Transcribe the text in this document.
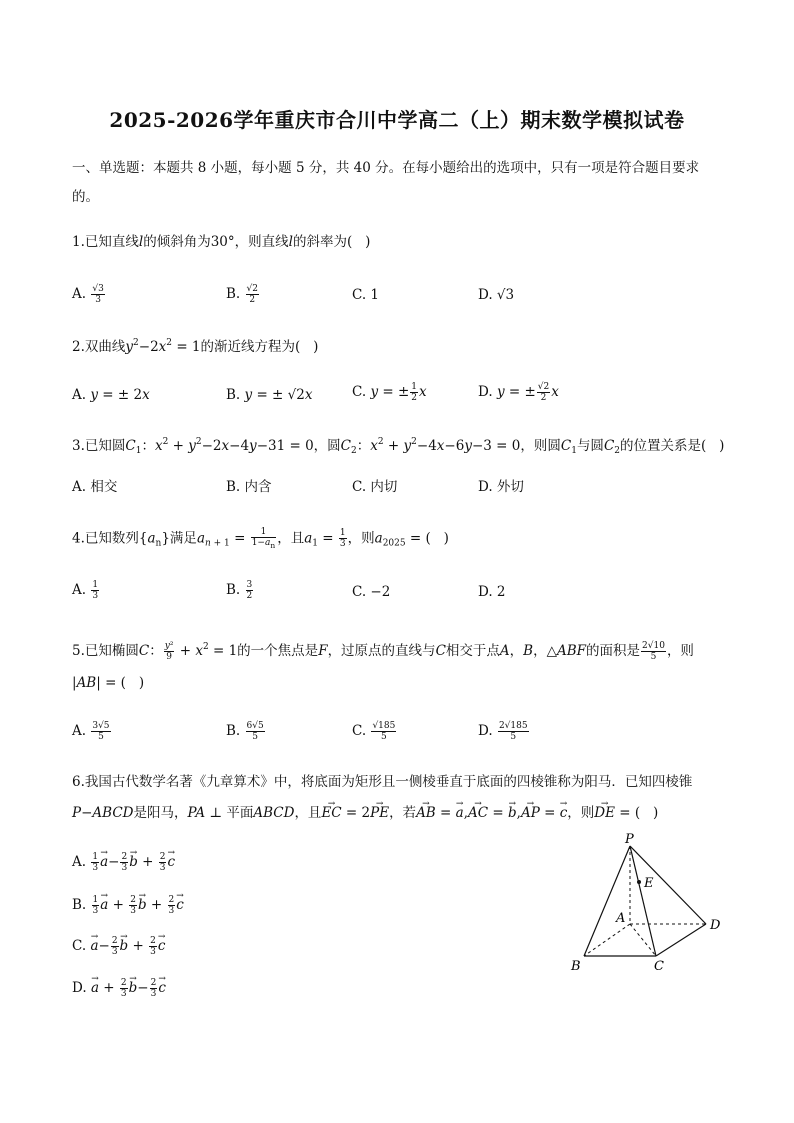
2025-2026学年重庆市合川中学高二（上）期末数学模拟试卷
一、单选题：本题共 8 小题，每小题 5 分，共 40 分。在每小题给出的选项中，只有一项是符合题目要求
的。
1.已知直线l的倾斜角为30°，则直线l的斜率为(   )
A. $\frac{√3}{3}$	B. $\frac{√2}{2}$	C. 1	D. √3
2.双曲线$y^2-2x^2 = 1$的渐近线方程为(   )
A. y = ± 2x	B. y = ± √2x	C. y = ± $\frac{1}{2}$ x	D. y = ± $\frac{√2}{2}$ x
3.已知圆$C_1$：$x^2 + y^2-2x-4y-31 = 0$，圆$C_2$：$x^2 + y^2-4x-6y-3 = 0$，则圆$C_1$与圆$C_2$的位置关系是(   )
A. 相交	B. 内含	C. 内切	D. 外切
4.已知数列$\{a_n\}$满足$a_{n + 1} = \frac{1}{1-a_n}$ ，且$a_1 = \frac{1}{3}$ ，则$a_{2025}$ = (   )
A. $\frac{1}{3}$	B. $\frac{3}{2}$	C. −2	D. 2
5.已知椭圆C： $\frac{\text{y²}}{9} + x^2 = 1$的一个焦点是F，过原点的直线与C相交于点A，B，△ABF的面积是 $\frac{2√10}{5}$ ，则
|AB| = (   )
A. $\frac{3√5}{5}$	B. $\frac{6√5}{5}$	C. $\frac{√185}{5}$	D. $\frac{2√185}{5}$
6.我国古代数学名著《九章算术》中，将底面为矩形且一侧棱垂直于底面的四棱锥称为阳马．已知四棱锥
P−ABCD是阳马，PA ⊥ 平面ABCD，且→ EC = 2→ PE，若→ AB = → a,→ AC = → b,→ AP = → c，则→ DE = (   )
A. $\frac{1}{3}$
→ $a- \frac{2}{3}$
→ $b + \frac{2}{3}$
→ c
B. $\frac{1}{3}$
→ $a + \frac{2}{3}$
→ $b + \frac{2}{3}$
→ c
C. → $a- \frac{2}{3}$
→ $b + \frac{2}{3}$
→ c
D. → $a + \frac{2}{3}$
→ $b- \frac{2}{3}$
→ c
P
E
A	D
B	C
